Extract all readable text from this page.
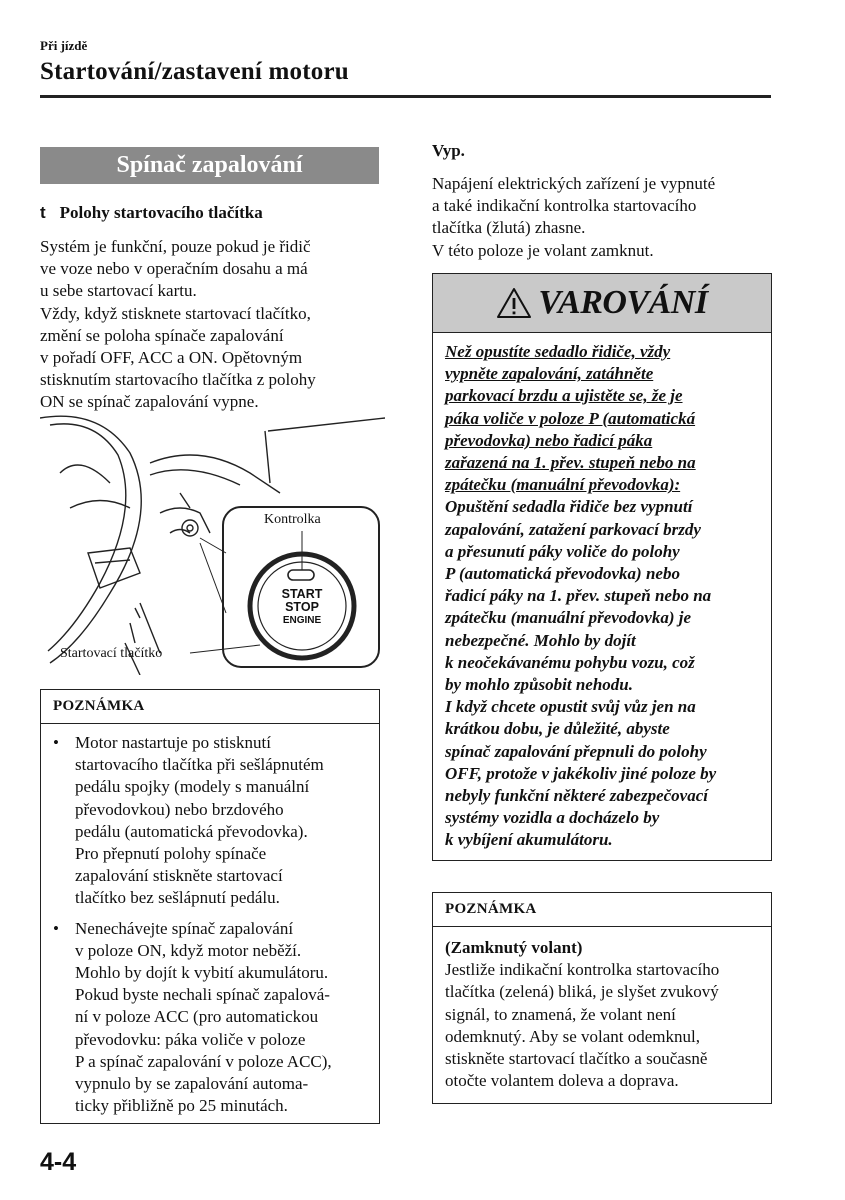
Při jízdě
Startování/zastavení motoru
Spínač zapalování
t Polohy startovacího tlačítka

Systém je funkční, pouze pokud je řidič

ve voze nebo v operačním dosahu a má

u sebe startovací kartu.

Vždy, když stisknete startovací tlačítko,

změní se poloha spínače zapalování

v pořadí OFF, ACC a ON. Opětovným

stisknutím startovacího tlačítka z polohy

ON se spínač zapalování vypne.

START
STOP
ENGINE
Kontrolka
Startovací tlačítko
POZNÁMKA
• Motor nastartuje po stisknutí
startovacího tlačítka při sešlápnutém
pedálu spojky (modely s manuální
převodovkou) nebo brzdového
pedálu (automatická převodovka).
Pro přepnutí polohy spínače
zapalování stiskněte startovací
tlačítko bez sešlápnutí pedálu.
• Nenechávejte spínač zapalování
v poloze ON, když motor neběží.
Mohlo by dojít k vybití akumulátoru.
Pokud byste nechali spínač zapalová-
ní v poloze ACC (pro automatickou
převodovku: páka voliče v poloze
P a spínač zapalování v poloze ACC),
vypnulo by se zapalování automa-
ticky přibližně po 25 minutách.
Vyp.

Napájení elektrických zařízení je vypnuté

a také indikační kontrolka startovacího

tlačítka (žlutá) zhasne.

V této poloze je volant zamknut.

VAROVÁNÍ
Než opustíte sedadlo řidiče, vždy
vypněte zapalování, zatáhněte
parkovací brzdu a ujistěte se, že je
páka voliče v poloze P (automatická
převodovka) nebo řadicí páka
zařazená na 1. přev. stupeň nebo na
zpátečku (manuální převodovka):
Opuštění sedadla řidiče bez vypnutí
zapalování, zatažení parkovací brzdy
a přesunutí páky voliče do polohy
P (automatická převodovka) nebo
řadicí páky na 1. přev. stupeň nebo na
zpátečku (manuální převodovka) je
nebezpečné. Mohlo by dojít
k neočekávanému pohybu vozu, což
by mohlo způsobit nehodu.
I když chcete opustit svůj vůz jen na
krátkou dobu, je důležité, abyste
spínač zapalování přepnuli do polohy
OFF, protože v jakékoliv jiné poloze by
nebyly funkční některé zabezpečovací
systémy vozidla a docházelo by
k vybíjení akumulátoru.
POZNÁMKA
(Zamknutý volant)
Jestliže indikační kontrolka startovacího
tlačítka (zelená) bliká, je slyšet zvukový
signál, to znamená, že volant není
odemknutý. Aby se volant odemknul,
stiskněte startovací tlačítko a současně
otočte volantem doleva a doprava.
4-4
